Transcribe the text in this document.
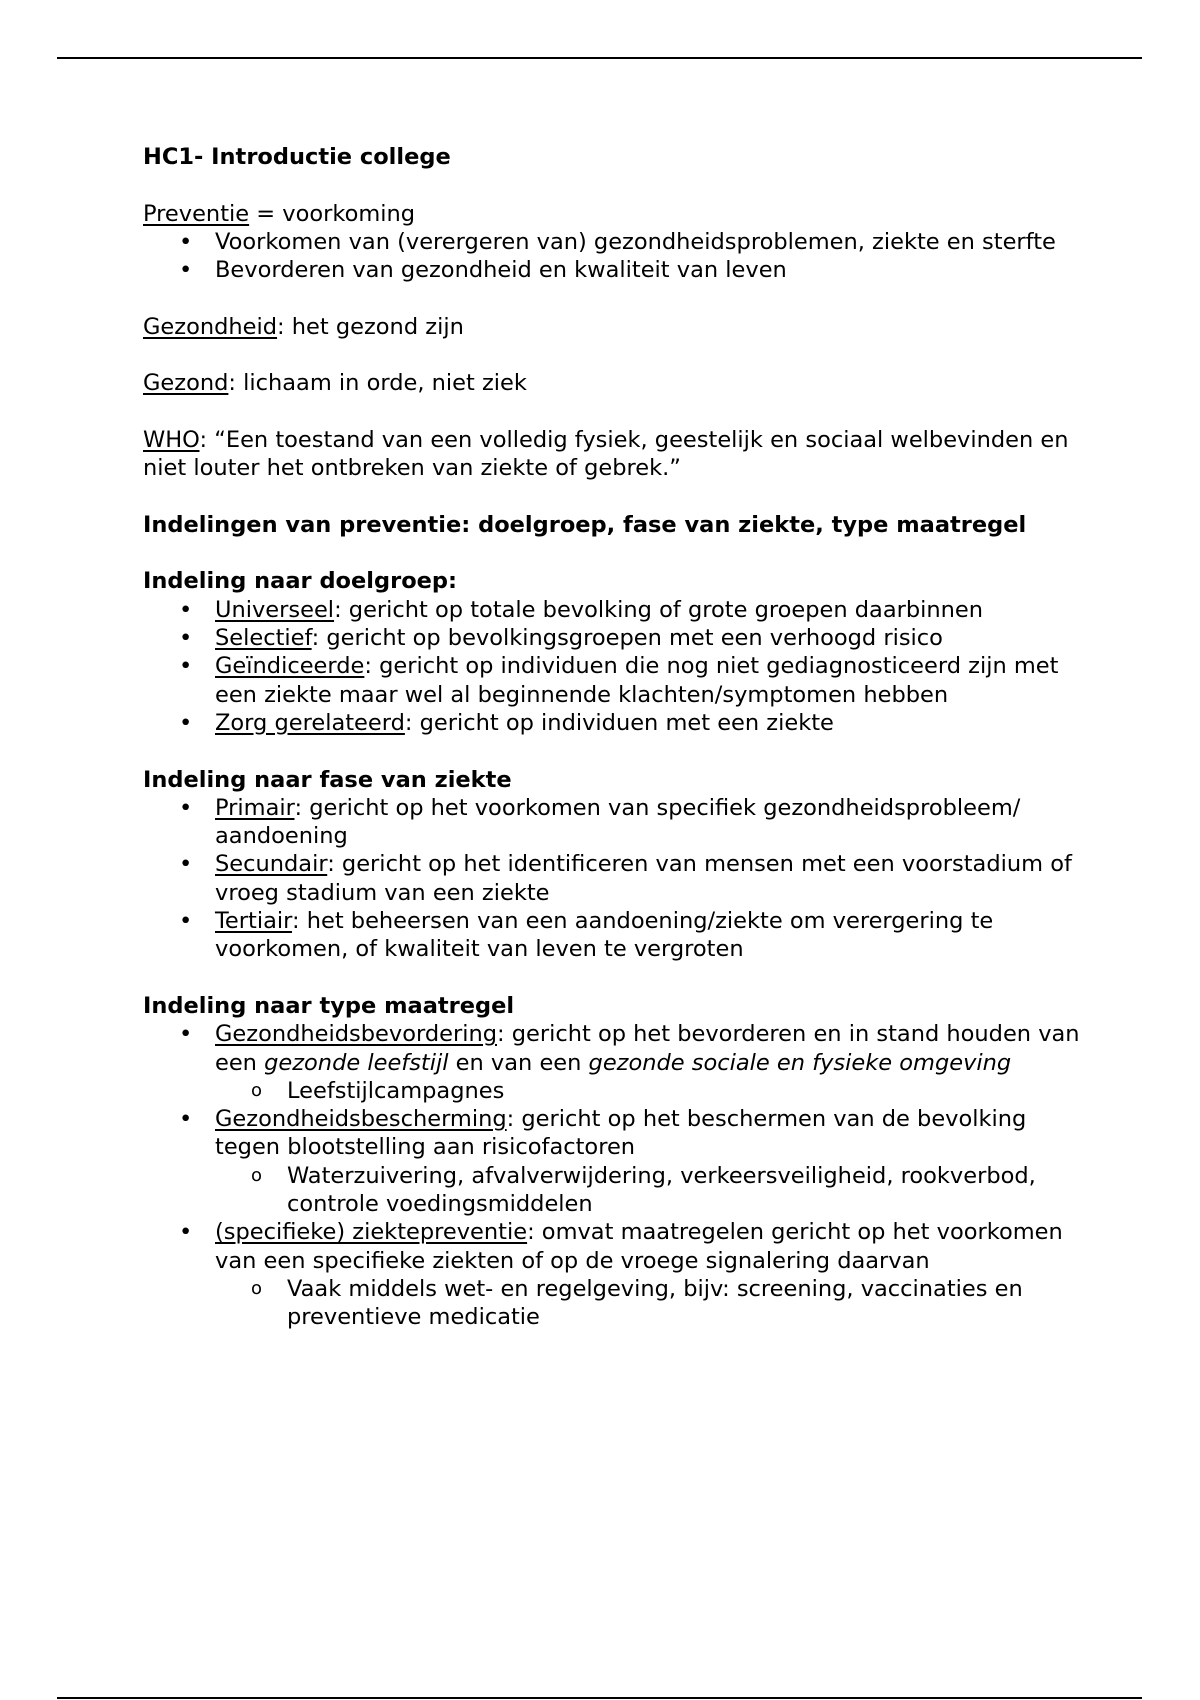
HC1- Introductie college

Preventie = voorkoming

• Voorkomen van (verergeren van) gezondheidsproblemen, ziekte en sterfte
• Bevorderen van gezondheid en kwaliteit van leven

Gezondheid: het gezond zijn

Gezond: lichaam in orde, niet ziek

WHO: “Een toestand van een volledig fysiek, geestelijk en sociaal welbevinden en niet louter het ontbreken van ziekte of gebrek.”

Indelingen van preventie: doelgroep, fase van ziekte, type maatregel

Indeling naar doelgroep:

• Universeel: gericht op totale bevolking of grote groepen daarbinnen
• Selectief: gericht op bevolkingsgroepen met een verhoogd risico
• Geïndiceerde: gericht op individuen die nog niet gediagnosticeerd zijn met een ziekte maar wel al beginnende klachten/symptomen hebben
• Zorg gerelateerd: gericht op individuen met een ziekte

Indeling naar fase van ziekte

• Primair: gericht op het voorkomen van specifiek gezondheidsprobleem/ aandoening
• Secundair: gericht op het identificeren van mensen met een voorstadium of vroeg stadium van een ziekte
• Tertiair: het beheersen van een aandoening/ziekte om verergering te voorkomen, of kwaliteit van leven te vergroten

Indeling naar type maatregel

• Gezondheidsbevordering: gericht op het bevorderen en in stand houden van een gezonde leefstijl en van een gezonde sociale en fysieke omgeving
o Leefstijlcampagnes
• Gezondheidsbescherming: gericht op het beschermen van de bevolking tegen blootstelling aan risicofactoren
o Waterzuivering, afvalverwijdering, verkeersveiligheid, rookverbod, controle voedingsmiddelen
• (specifieke) ziektepreventie: omvat maatregelen gericht op het voorkomen van een specifieke ziekten of op de vroege signalering daarvan
o Vaak middels wet- en regelgeving, bijv: screening, vaccinaties en preventieve medicatie
